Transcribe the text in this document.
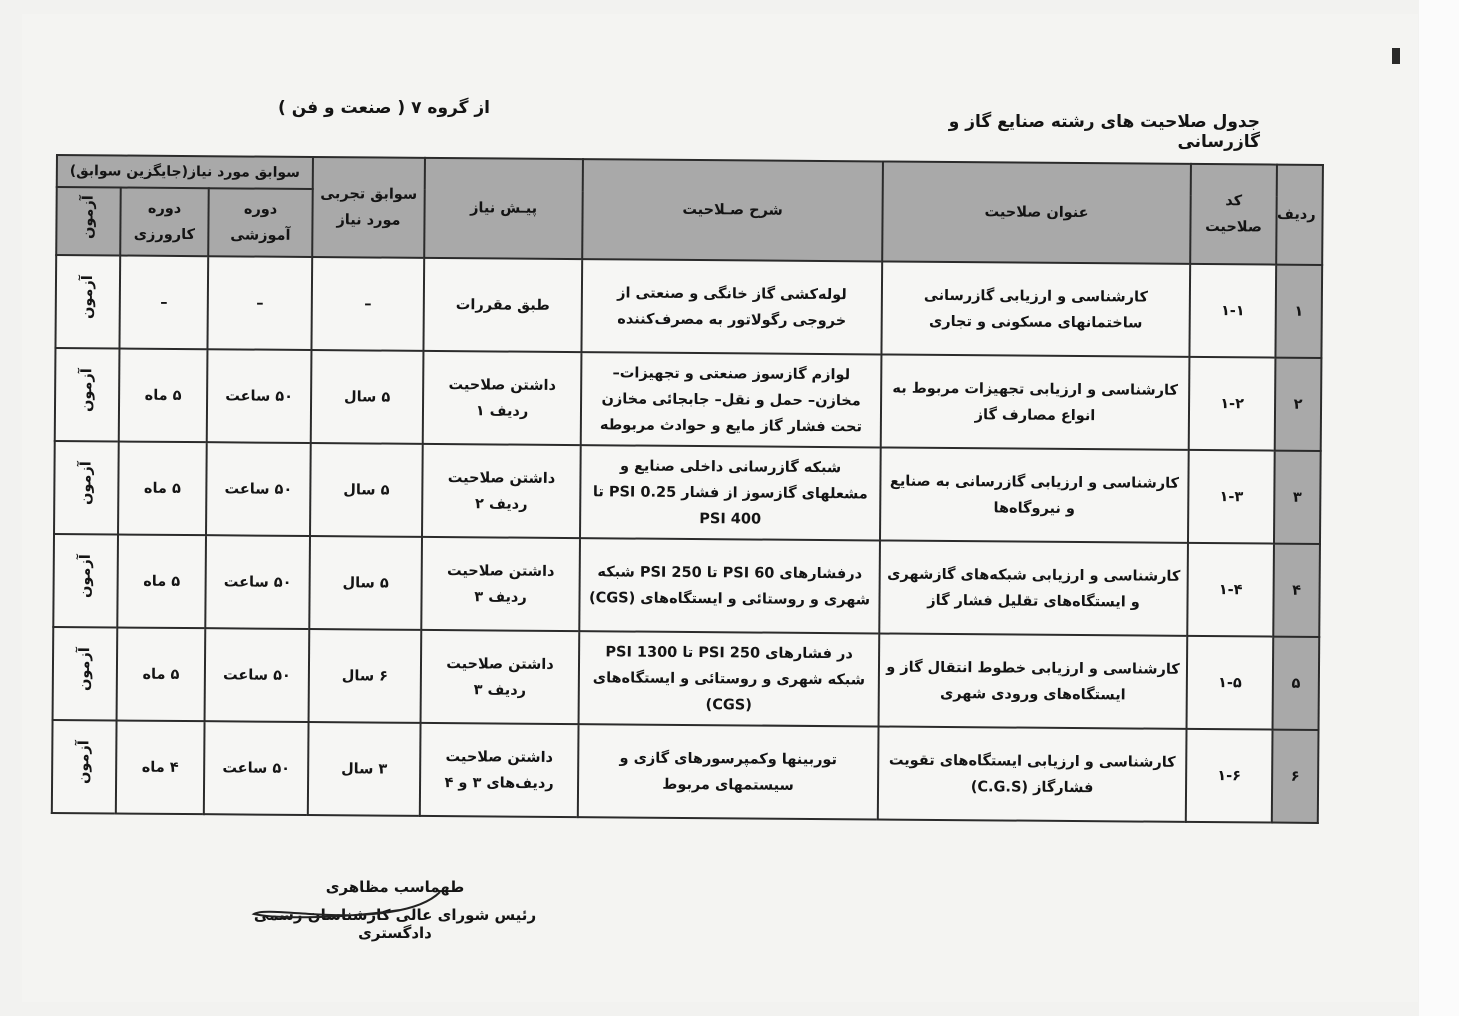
جدول صلاحیت های رشته صنایع گاز و گازرسانی
از گروه ۷ ( صنعت و فن )
ردیف	کد صلاحیت	عنوان صلاحیت	شرح صـلاحیت	پیـش نیاز	سوابق تجربی مورد نیاز	سوابق مورد نیاز(جایگزین سوابق)		
						دوره آموزشی	دوره کارورزی	آزمون
۱	۱-۱	کارشناسی و ارزیابی گازرسانی ساختمانهای مسکونی و تجاری	لوله‌کشی گاز خانگی و صنعتی از خروجی رگولاتور به مصرف‌کننده	طبق مقررات	–	–	–	آزمون
۲	۱-۲	کارشناسی و ارزیابی تجهیزات مربوط به انواع مصارف گاز	لوازم گازسوز صنعتی و تجهیزات– مخازن– حمل و نقل– جابجائی مخازن تحت فشار گاز مایع و حوادث مربوطه	داشتن صلاحیت ردیف ۱	۵ سال	۵۰ ساعت	۵ ماه	آزمون
۳	۱-۳	کارشناسی و ارزیابی گازرسانی به صنایع و نیروگاه‌ها	شبکه گازرسانی داخلی صنایع و مشعلهای گازسوز از فشار 0.25 PSI تا 400 PSI	داشتن صلاحیت ردیف ۲	۵ سال	۵۰ ساعت	۵ ماه	آزمون
۴	۱-۴	کارشناسی و ارزیابی شبکه‌های گازشهری و ایستگاه‌های تقلیل فشار گاز	درفشارهای 60 PSI تا 250 PSI شبکه شهری و روستائی و ایستگاه‌های (CGS)	داشتن صلاحیت ردیف ۳	۵ سال	۵۰ ساعت	۵ ماه	آزمون
۵	۱-۵	کارشناسی و ارزیابی خطوط انتقال گاز و ایستگاه‌های ورودی شهری	در فشارهای 250 PSI تا 1300 PSI شبکه شهری و روستائی و ایستگاه‌های (CGS)	داشتن صلاحیت ردیف ۳	۶ سال	۵۰ ساعت	۵ ماه	آزمون
۶	۱-۶	کارشناسی و ارزیابی ایستگاه‌های تقویت فشارگاز (C.G.S)	توربینها وکمپرسورهای گازی و سیستمهای مربوط	داشتن صلاحیت ردیف‌های ۳ و ۴	۳ سال	۵۰ ساعت	۴ ماه	آزمون
طهماسب مظاهری
رئیس شورای عالی کارشناسان رسمی دادگستری
